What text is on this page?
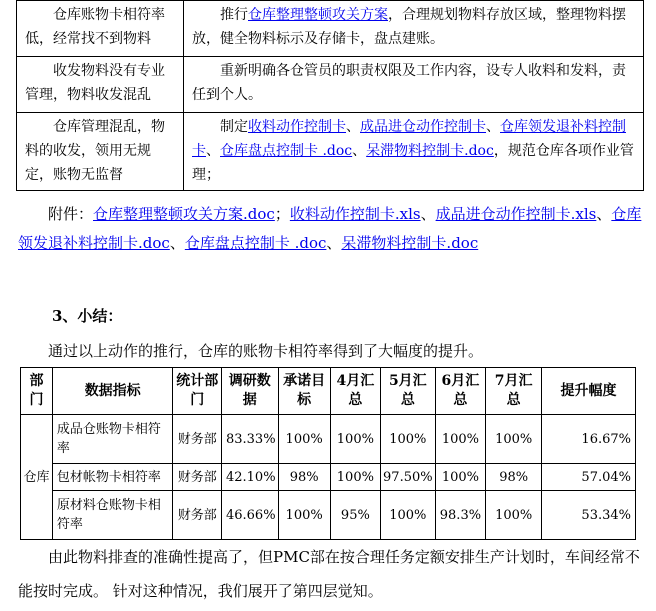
仓库账物卡相符率低，经常找不到物料	推行仓库整理整顿攻关方案，合理规划物料存放区域，整理物料摆放，健全物料标示及存储卡，盘点建账。
收发物料没有专业管理，物料收发混乱	重新明确各仓管员的职责权限及工作内容，设专人收料和发料，责任到个人。
仓库管理混乱，物料的收发，领用无规定，账物无监督	制定收料动作控制卡、成品进仓动作控制卡、仓库领发退补料控制卡、仓库盘点控制卡 .doc、呆滞物料控制卡.doc，规范仓库各项作业管理；
附件：仓库整理整顿攻关方案.doc；收料动作控制卡.xls、成品进仓动作控制卡.xls、仓库领发退补料控制卡.doc、仓库盘点控制卡 .doc、呆滞物料控制卡.doc
3、小结：
通过以上动作的推行，仓库的账物卡相符率得到了大幅度的提升。
部门	数据指标	统计部门	调研数据	承诺目标	4月汇总	5月汇总	6月汇总	7月汇总	提升幅度
仓库	成品仓账物卡相符率	财务部	83.33%	100%	100%	100%	100%	100%	16.67%
	包材帐物卡相符率	财务部	42.10%	98%	100%	97.50%	100%	98%	57.04%
	原材料仓账物卡相符率	财务部	46.66%	100%	95%	100%	98.3%	100%	53.34%
由此物料排查的准确性提高了，但PMC部在按合理任务定额安排生产计划时，车间经常不能按时完成。 针对这种情况，我们展开了第四层觉知。
